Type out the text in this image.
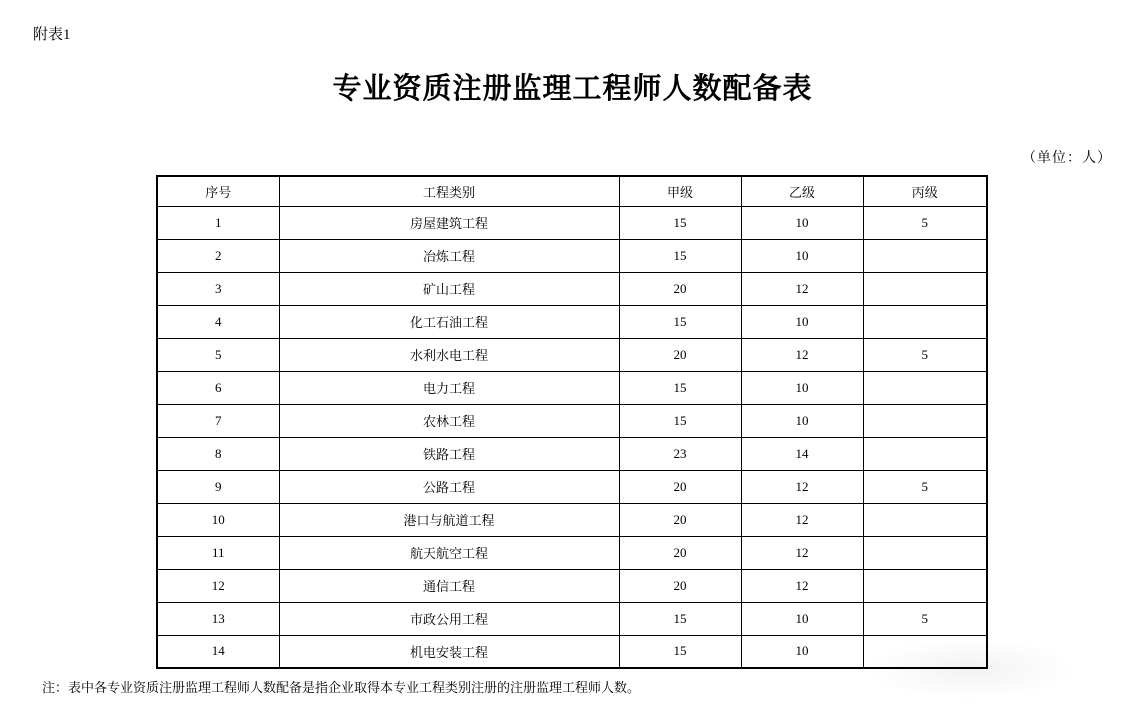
附表1
专业资质注册监理工程师人数配备表
（单位：人）
序号	工程类别	甲级	乙级	丙级
1	房屋建筑工程	15	10	5
2	冶炼工程	15	10	
3	矿山工程	20	12	
4	化工石油工程	15	10	
5	水利水电工程	20	12	5
6	电力工程	15	10	
7	农林工程	15	10	
8	铁路工程	23	14	
9	公路工程	20	12	5
10	港口与航道工程	20	12	
11	航天航空工程	20	12	
12	通信工程	20	12	
13	市政公用工程	15	10	5
14	机电安装工程	15	10	
注：表中各专业资质注册监理工程师人数配备是指企业取得本专业工程类别注册的注册监理工程师人数。
